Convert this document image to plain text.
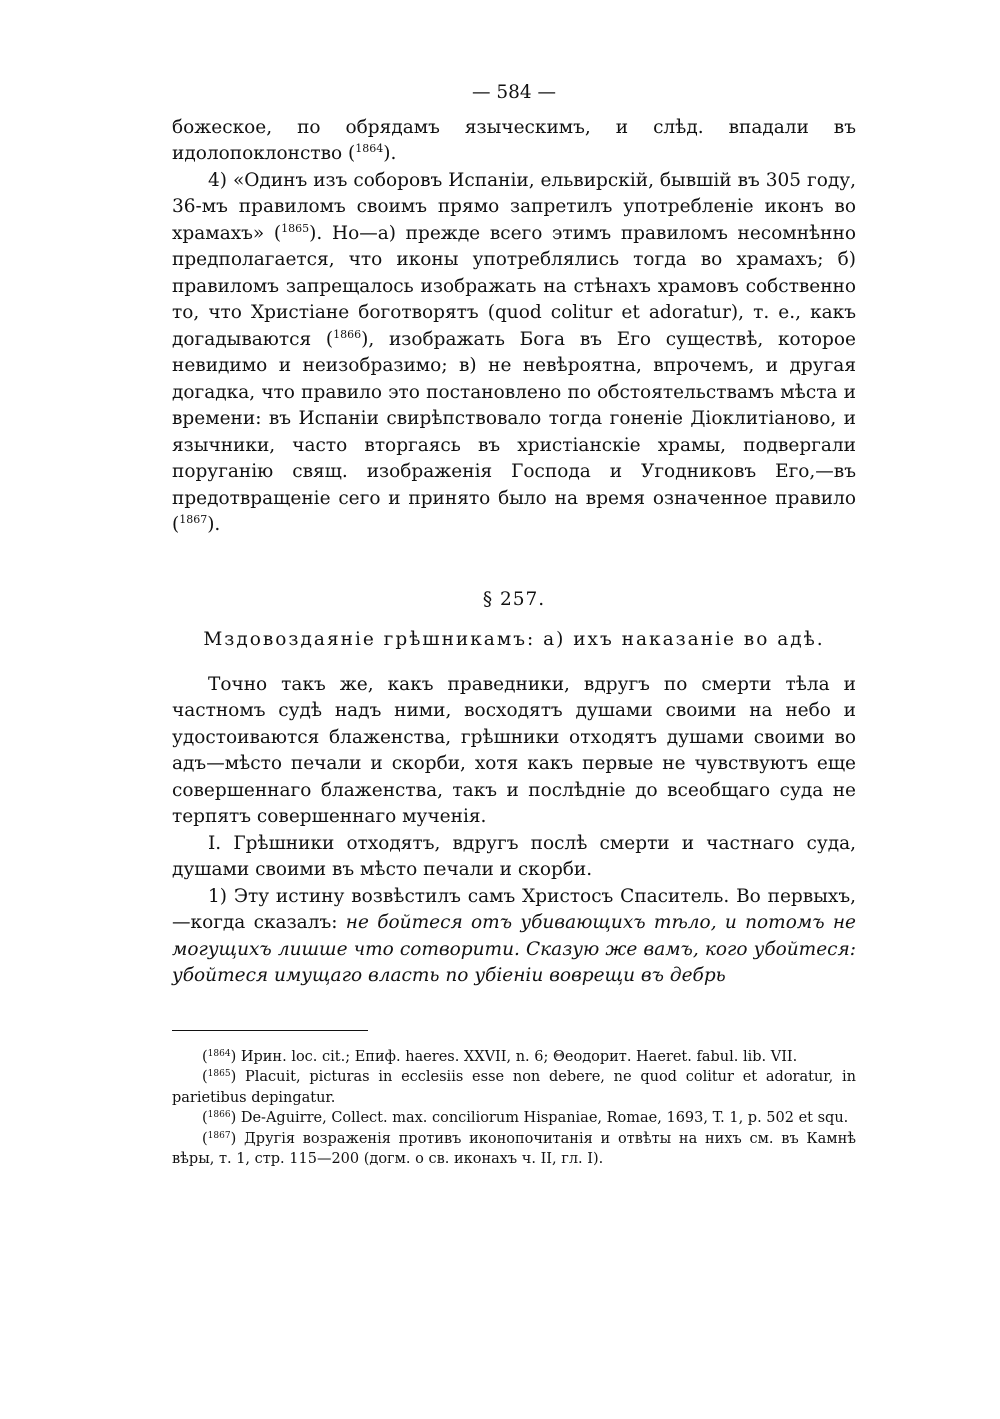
— 584 —

божеское, по обрядамъ языческимъ, и слѣд. впадали въ идолопоклонство ($^{1864}$).

4) «Одинъ изъ соборовъ Испаніи, ельвирскій, бывшій въ 305 году, 36-мъ правиломъ своимъ прямо запретилъ употребленіе иконъ во храмахъ» ($^{1865}$). Но—а) прежде всего этимъ правиломъ несомнѣнно предполагается, что иконы употреблялись тогда во храмахъ; б) правиломъ запрещалось изображать на стѣнахъ храмовъ собственно то, что Христіане боготворятъ (quod colitur et adoratur), т. е., какъ догадываются ($^{1866}$), изображать Бога въ Его существѣ, которое невидимо и неизобразимо; в) не невѣроятна, впрочемъ, и другая догадка, что правило это постановлено по обстоятельствамъ мѣста и времени: въ Испаніи свирѣпствовало тогда гоненіе Діоклитіаново, и язычники, часто вторгаясь въ христіанскіе храмы, подвергали поруганію свящ. изображенія Господа и Угодниковъ Его,—въ предотвращеніе сего и принято было на время означенное правило ($^{1867}$).

§ 257.
Мздовоздаяніе грѣшникамъ: а) ихъ наказаніе во адѣ.

Точно такъ же, какъ праведники, вдругъ по смерти тѣла и частномъ судѣ надъ ними, восходятъ душами своими на небо и удостоиваются блаженства, грѣшники отходятъ душами своими во адъ—мѣсто печали и скорби, хотя какъ первые не чувствуютъ еще совершеннаго блаженства, такъ и послѣдніе до всеобщаго суда не терпятъ совершеннаго мученія.

I. Грѣшники отходятъ, вдругъ послѣ смерти и частнаго суда, душами своими въ мѣсто печали и скорби.

1) Эту истину возвѣстилъ самъ Христосъ Спаситель. Во первыхъ,—когда сказалъ: не бойтеся отъ убивающихъ тѣло, и потомъ не могущихъ лишше что сотворити. Сказую же вамъ, кого убойтеся: убойтеся имущаго власть по убіеніи воврещи въ дебрь

($^{1864}$) Ирин. loc. cit.; Епиф. haeres. XXVII, n. 6; Θеодорит. Haeret. fabul. lib. VII.

($^{1865}$) Placuit, picturas in ecclesiis esse non debere, ne quod colitur et adoratur, in parietibus depingatur.

($^{1866}$) De-Aguirre, Collect. max. conciliorum Hispaniae, Romae, 1693, T. 1, p. 502 et squ.

($^{1867}$) Другія возраженія противъ иконопочитанія и отвѣты на нихъ см. въ Камнѣ вѣры, т. 1, стр. 115—200 (догм. о св. иконахъ ч. II, гл. I).
